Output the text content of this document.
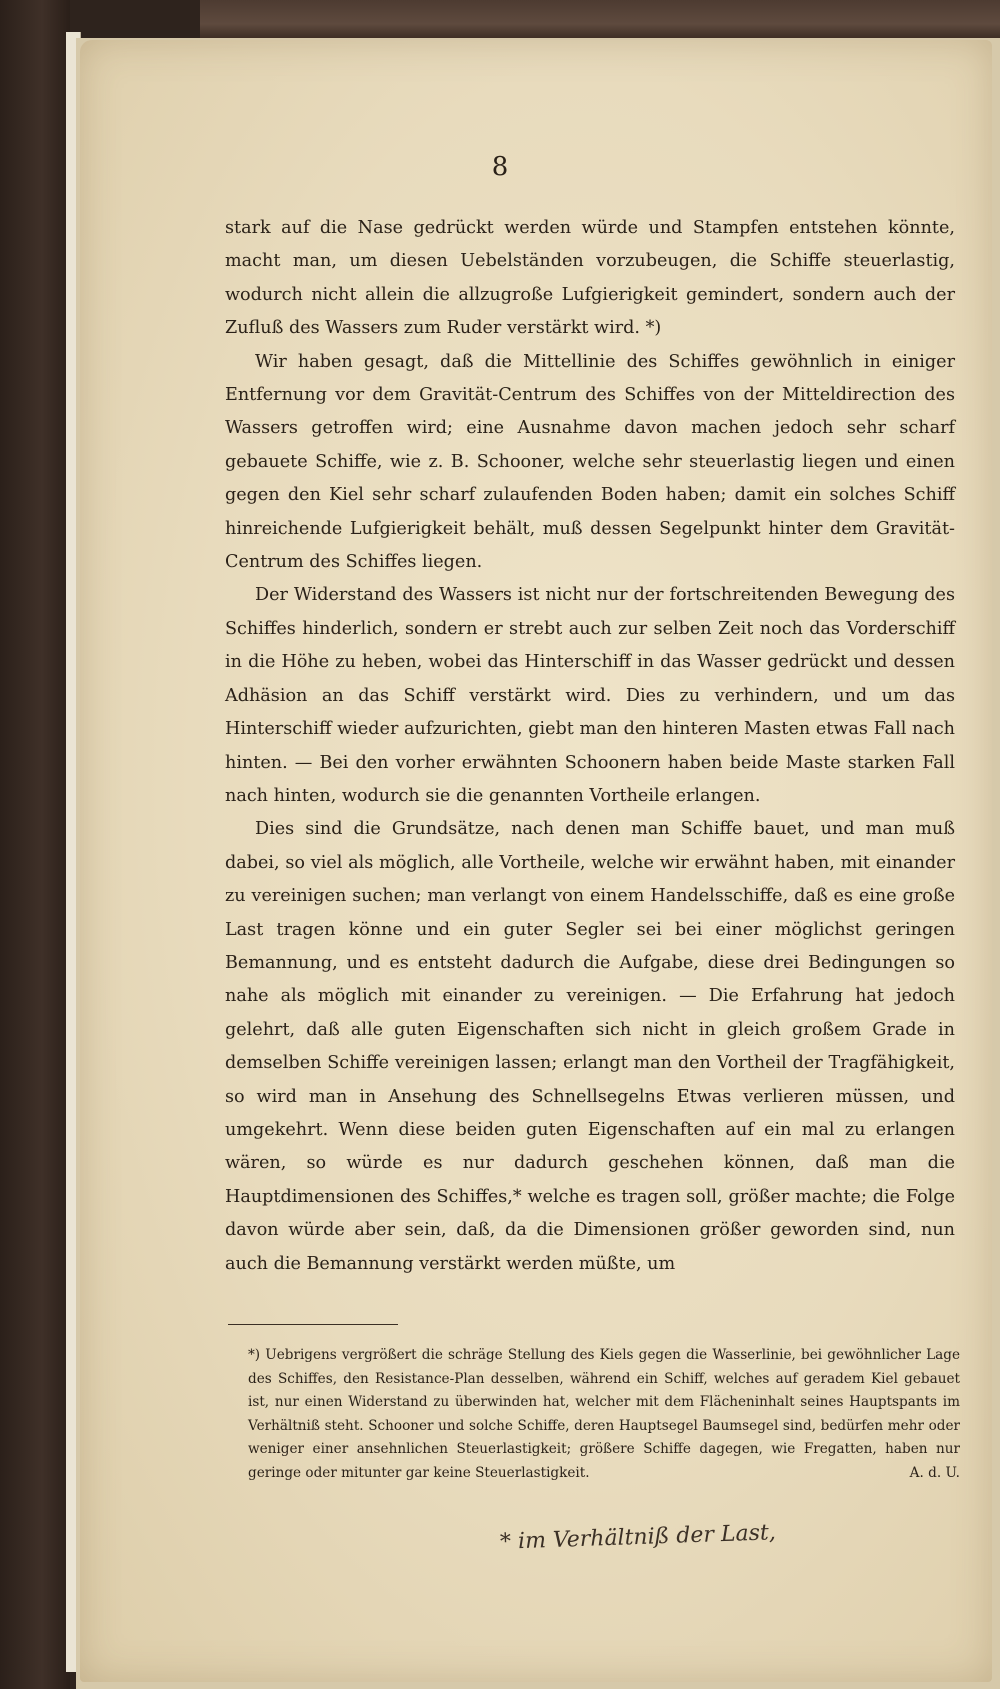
8

stark auf die Nase gedrückt werden würde und Stampfen entstehen könnte, macht man, um diesen Uebelständen vorzubeugen, die Schiffe steuerlastig, wodurch nicht allein die allzugroße Lufgierigkeit gemindert, sondern auch der Zufluß des Wassers zum Ruder verstärkt wird. *)

Wir haben gesagt, daß die Mittellinie des Schiffes gewöhnlich in einiger Entfernung vor dem Gravität-Centrum des Schiffes von der Mitteldirection des Wassers getroffen wird; eine Ausnahme davon machen jedoch sehr scharf gebauete Schiffe, wie z. B. Schooner, welche sehr steuerlastig liegen und einen gegen den Kiel sehr scharf zulaufenden Boden haben; damit ein solches Schiff hinreichende Lufgierigkeit behält, muß dessen Segelpunkt hinter dem Gravität-Centrum des Schiffes liegen.

Der Widerstand des Wassers ist nicht nur der fortschreitenden Bewegung des Schiffes hinderlich, sondern er strebt auch zur selben Zeit noch das Vorderschiff in die Höhe zu heben, wobei das Hinterschiff in das Wasser gedrückt und dessen Adhäsion an das Schiff verstärkt wird. Dies zu verhindern, und um das Hinterschiff wieder aufzurichten, giebt man den hinteren Masten etwas Fall nach hinten. — Bei den vorher erwähnten Schoonern haben beide Maste starken Fall nach hinten, wodurch sie die genannten Vortheile erlangen.

Dies sind die Grundsätze, nach denen man Schiffe bauet, und man muß dabei, so viel als möglich, alle Vortheile, welche wir erwähnt haben, mit einander zu vereinigen suchen; man verlangt von einem Handelsschiffe, daß es eine große Last tragen könne und ein guter Segler sei bei einer möglichst geringen Bemannung, und es entsteht dadurch die Aufgabe, diese drei Bedingungen so nahe als möglich mit einander zu vereinigen. — Die Erfahrung hat jedoch gelehrt, daß alle guten Eigenschaften sich nicht in gleich großem Grade in demselben Schiffe vereinigen lassen; erlangt man den Vortheil der Tragfähigkeit, so wird man in Ansehung des Schnellsegelns Etwas verlieren müssen, und umgekehrt. Wenn diese beiden guten Eigenschaften auf ein mal zu erlangen wären, so würde es nur dadurch geschehen können, daß man die Hauptdimensionen des Schiffes,* welche es tragen soll, größer machte; die Folge davon würde aber sein, daß, da die Dimensionen größer geworden sind, nun auch die Bemannung verstärkt werden müßte, um

*) Uebrigens vergrößert die schräge Stellung des Kiels gegen die Wasserlinie, bei gewöhnlicher Lage des Schiffes, den Resistance-Plan desselben, während ein Schiff, welches auf geradem Kiel gebauet ist, nur einen Widerstand zu überwinden hat, welcher mit dem Flächeninhalt seines Hauptspants im Verhältniß steht. Schooner und solche Schiffe, deren Hauptsegel Baumsegel sind, bedürfen mehr oder weniger einer ansehnlichen Steuerlastigkeit; größere Schiffe dagegen, wie Fregatten, haben nur geringe oder mitunter gar keine Steuerlastigkeit.	A. d. U.

* im Verhältniß der Last,
